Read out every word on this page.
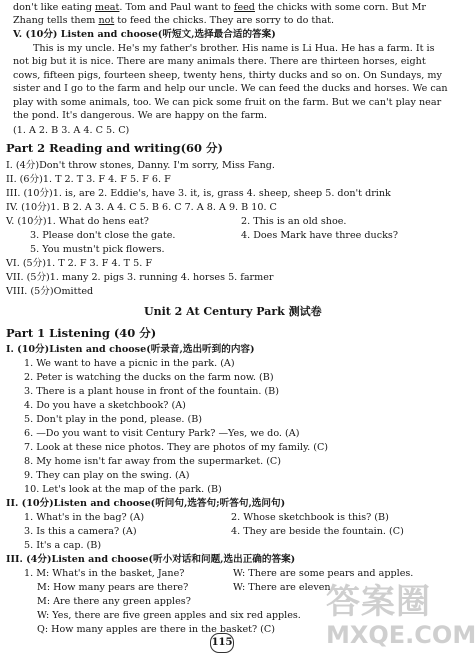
don't like eating meat. Tom and Paul want to feed the chicks with some corn. But Mr

Zhang tells them not to feed the chicks. They are sorry to do that.

V. (10分) Listen and choose(听短文,选择最合适的答案)

This is my uncle. He's my father's brother. His name is Li Hua. He has a farm. It is

not big but it is nice. There are many animals there. There are thirteen horses, eight

cows, fifteen pigs, fourteen sheep, twenty hens, thirty ducks and so on. On Sundays, my

sister and I go to the farm and help our uncle. We can feed the ducks and horses. We can

play with some animals, too. We can pick some fruit on the farm. But we can't play near

the pond. It's dangerous. We are happy on the farm.

(1. A 2. B 3. A 4. C 5. C)

Part 2 Reading and writing(60 分)

I. (4分)Don't throw stones, Danny. I'm sorry, Miss Fang.

II. (6分)1. T 2. T 3. F 4. F 5. F 6. F

III. (10分)1. is, are 2. Eddie's, have 3. it, is, grass 4. sheep, sheep 5. don't drink

IV. (10分)1. B 2. A 3. A 4. C 5. B 6. C 7. A 8. A 9. B 10. C

V. (10分)1. What do hens eat?	2. This is an old shoe.

3. Please don't close the gate.	4. Does Mark have three ducks?

5. You mustn't pick flowers.

VI. (5分)1. T 2. F 3. F 4. T 5. F

VII. (5分)1. many 2. pigs 3. running 4. horses 5. farmer

VIII. (5分)Omitted

Unit 2 At Century Park 测试卷

Part 1 Listening (40 分)

I. (10分)Listen and choose(听录音,选出听到的内容)

1. We want to have a picnic in the park. (A)

2. Peter is watching the ducks on the farm now. (B)

3. There is a plant house in front of the fountain. (B)

4. Do you have a sketchbook? (A)

5. Don't play in the pond, please. (B)

6. —Do you want to visit Century Park? —Yes, we do. (A)

7. Look at these nice photos. They are photos of my family. (C)

8. My home isn't far away from the supermarket. (C)

9. They can play on the swing. (A)

10. Let's look at the map of the park. (B)

II. (10分)Listen and choose(听问句,选答句;听答句,选问句)

1. What's in the bag? (A)	2. Whose sketchbook is this? (B)

3. Is this a camera? (A)	4. They are beside the fountain. (C)

5. It's a cap. (B)

III. (4分)Listen and choose(听小对话和问题,选出正确的答案)

1. M: What's in the basket, Jane?	W: There are some pears and apples.

M: How many pears are there?	W: There are eleven.

M: Are there any green apples?

W: Yes, there are five green apples and six red apples.

Q: How many apples are there in the basket? (C)

115
答案圈
MXQE.COM
